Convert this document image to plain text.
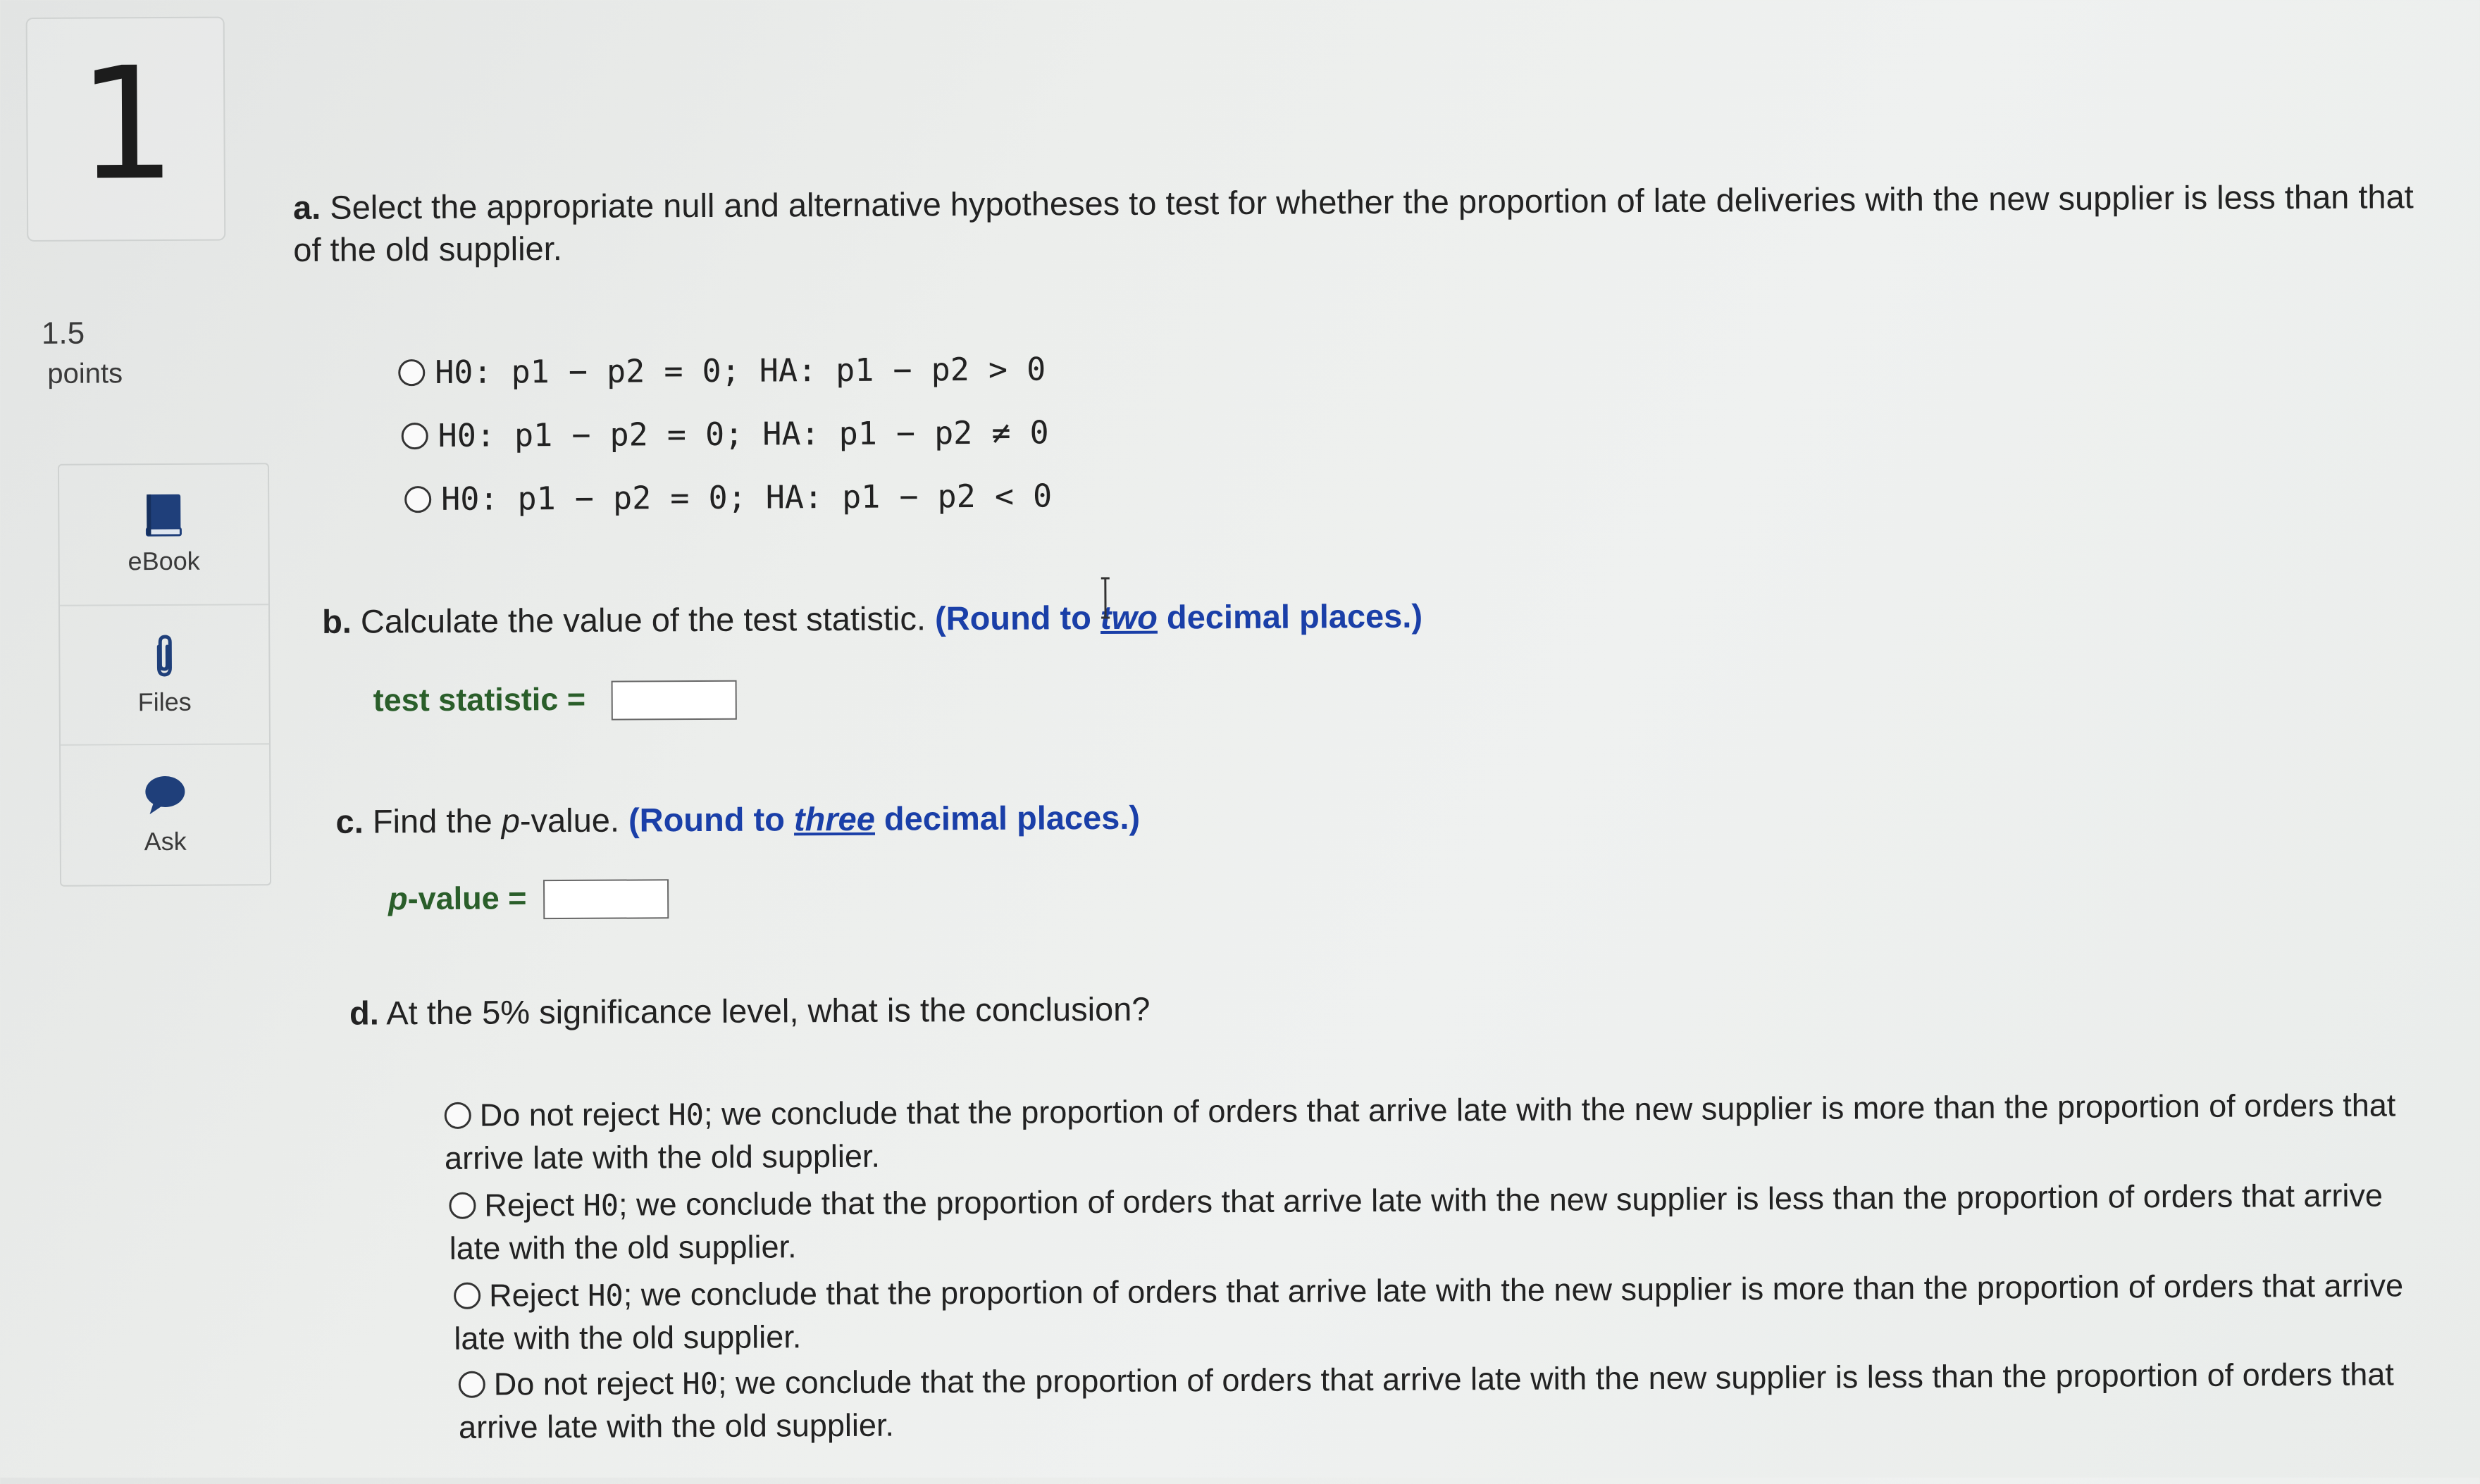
1
1.5
points
eBook
Files
Ask
a. Select the appropriate null and alternative hypotheses to test for whether the proportion of late deliveries with the new supplier is less than that of the old supplier.
H0: p1 − p2 = 0; HA: p1 − p2 > 0
H0: p1 − p2 = 0; HA: p1 − p2 ≠ 0
H0: p1 − p2 = 0; HA: p1 − p2 < 0
b. Calculate the value of the test statistic. (Round to two decimal places.)
test statistic =
c. Find the p-value. (Round to three decimal places.)
p-value =
d. At the 5% significance level, what is the conclusion?
Do not reject H0; we conclude that the proportion of orders that arrive late with the new supplier is more than the proportion of orders that arrive late with the old supplier.
Reject H0; we conclude that the proportion of orders that arrive late with the new supplier is less than the proportion of orders that arrive late with the old supplier.
Reject H0; we conclude that the proportion of orders that arrive late with the new supplier is more than the proportion of orders that arrive late with the old supplier.
Do not reject H0; we conclude that the proportion of orders that arrive late with the new supplier is less than the proportion of orders that arrive late with the old supplier.
